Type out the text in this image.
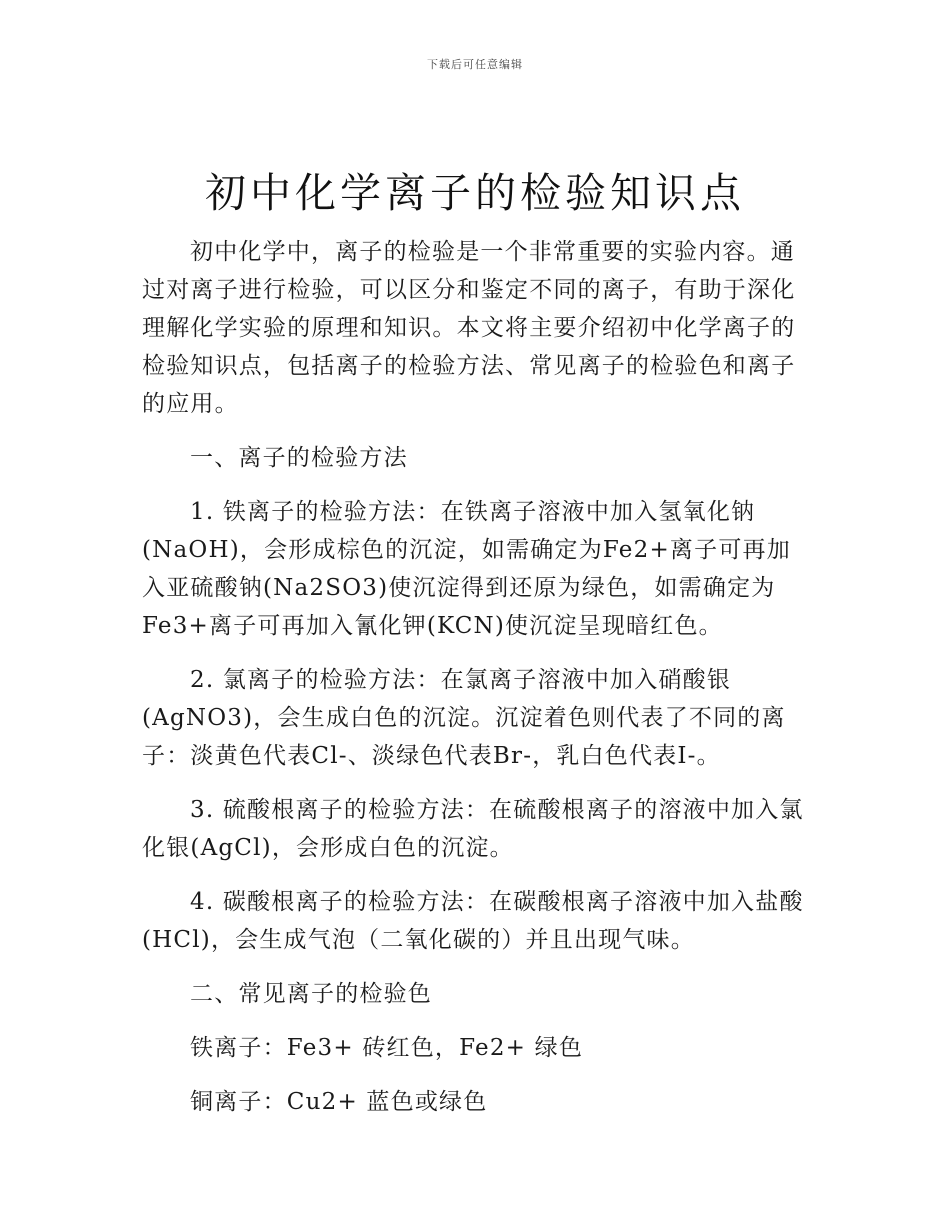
下载后可任意编辑
初中化学离子的检验知识点

初中化学中，离子的检验是一个非常重要的实验内容。通过对离子进行检验，可以区分和鉴定不同的离子，有助于深化理解化学实验的原理和知识。本文将主要介绍初中化学离子的检验知识点，包括离子的检验方法、常见离子的检验色和离子的应用。

一、离子的检验方法

1. 铁离子的检验方法：在铁离子溶液中加入氢氧化钠(NaOH)，会形成棕色的沉淀，如需确定为Fe2+离子可再加入亚硫酸钠(Na2SO3)使沉淀得到还原为绿色，如需确定为Fe3+离子可再加入氰化钾(KCN)使沉淀呈现暗红色。

2. 氯离子的检验方法：在氯离子溶液中加入硝酸银(AgNO3)，会生成白色的沉淀。沉淀着色则代表了不同的离子：淡黄色代表Cl-、淡绿色代表Br-，乳白色代表I-。

3. 硫酸根离子的检验方法：在硫酸根离子的溶液中加入氯化银(AgCl)，会形成白色的沉淀。

4. 碳酸根离子的检验方法：在碳酸根离子溶液中加入盐酸(HCl)，会生成气泡（二氧化碳的）并且出现气味。

二、常见离子的检验色

铁离子：Fe3+ 砖红色，Fe2+ 绿色

铜离子：Cu2+ 蓝色或绿色
